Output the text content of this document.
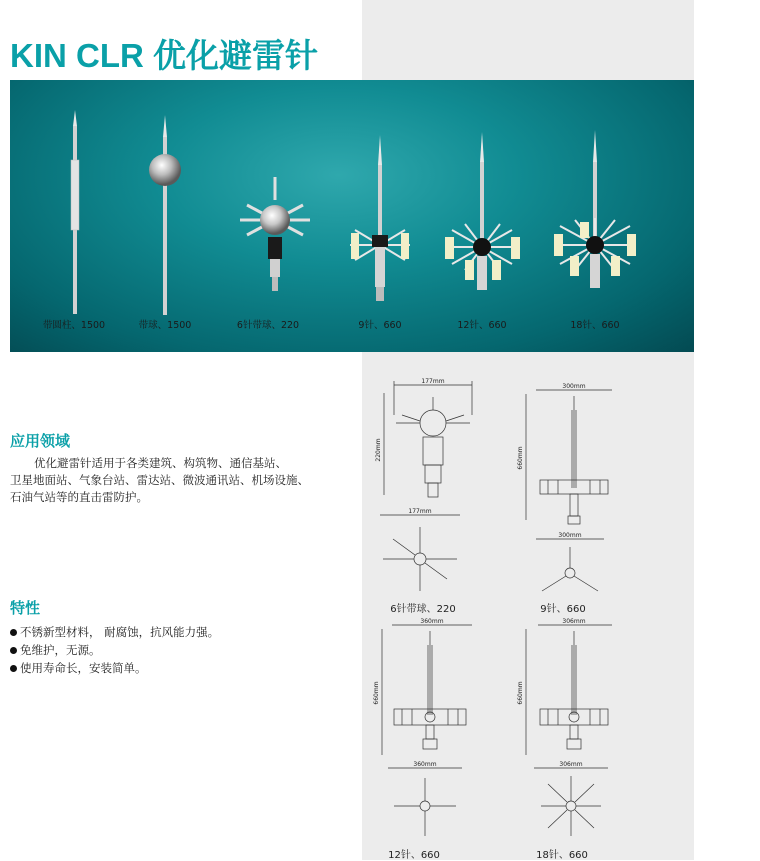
KIN CLR 优化避雷针
带圆柱、1500	带球、1500	6针带球、220	9针、660	12针、660	18针、660
应用领域
优化避雷针适用于各类建筑、构筑物、通信基站、
卫星地面站、气象台站、雷达站、微波通讯站、机场设施、
石油气站等的直击雷防护。
特性
不锈新型材料， 耐腐蚀，抗风能力强。
免维护，无源。
使用寿命长，安装简单。
177mm
220mm
177mm
6针带球、220
300mm
660mm
300mm
9针、660
360mm
660mm
360mm
12针、660
306mm
660mm
306mm
18针、660
